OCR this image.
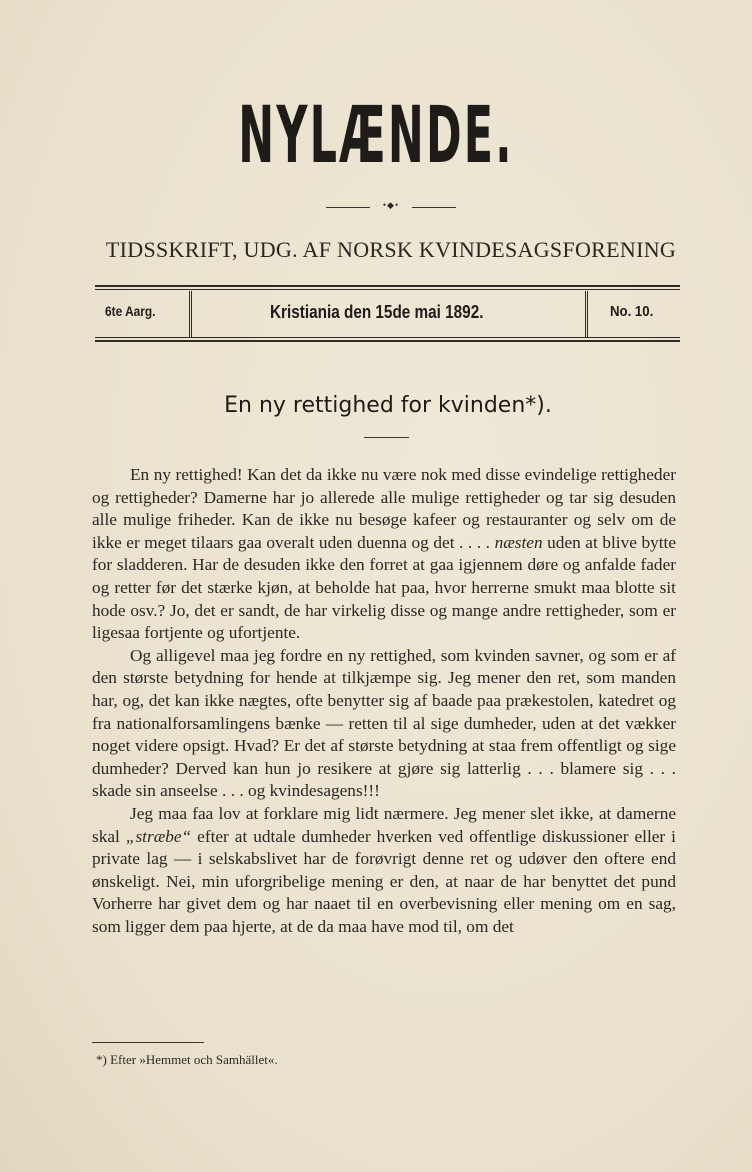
NYLÆNDE.
•◆•
TIDSSKRIFT, UDG. AF NORSK KVINDESAGSFORENING
6te Aarg.	Kristiania den 15de mai 1892.	No. 10.
En ny rettighed for kvinden*).

En ny rettighed! Kan det da ikke nu være nok med disse evindelige rettigheder og rettigheder? Damerne har jo allerede alle mulige rettigheder og tar sig desuden alle mulige friheder. Kan de ikke nu besøge kafeer og restauranter og selv om de ikke er meget tilaars gaa overalt uden duenna og det . . . . næsten uden at blive bytte for sladderen. Har de desuden ikke den forret at gaa igjennem døre og anfalde fader og retter før det stærke kjøn, at beholde hat paa, hvor herrerne smukt maa blotte sit hode osv.? Jo, det er sandt, de har virkelig disse og mange andre rettigheder, som er ligesaa fortjente og ufortjente.

Og alligevel maa jeg fordre en ny rettighed, som kvinden savner, og som er af den største betydning for hende at tilkjæmpe sig. Jeg mener den ret, som manden har, og, det kan ikke nægtes, ofte benytter sig af baade paa prækestolen, katedret og fra nationalforsamlingens bænke — retten til al sige dumheder, uden at det vækker noget videre opsigt. Hvad? Er det af største betydning at staa frem offentligt og sige dumheder? Derved kan hun jo resikere at gjøre sig latterlig . . . blamere sig . . . skade sin anseelse . . . og kvindesagens!!!

Jeg maa faa lov at forklare mig lidt nærmere. Jeg mener slet ikke, at damerne skal „stræbe“ efter at udtale dumheder hverken ved offentlige diskussioner eller i private lag — i selskabslivet har de forøvrigt denne ret og udøver den oftere end ønskeligt. Nei, min uforgribelige mening er den, at naar de har benyttet det pund Vorherre har givet dem og har naaet til en overbevisning eller mening om en sag, som ligger dem paa hjerte, at de da maa have mod til, om det

*) Efter »Hemmet och Samhället«.
